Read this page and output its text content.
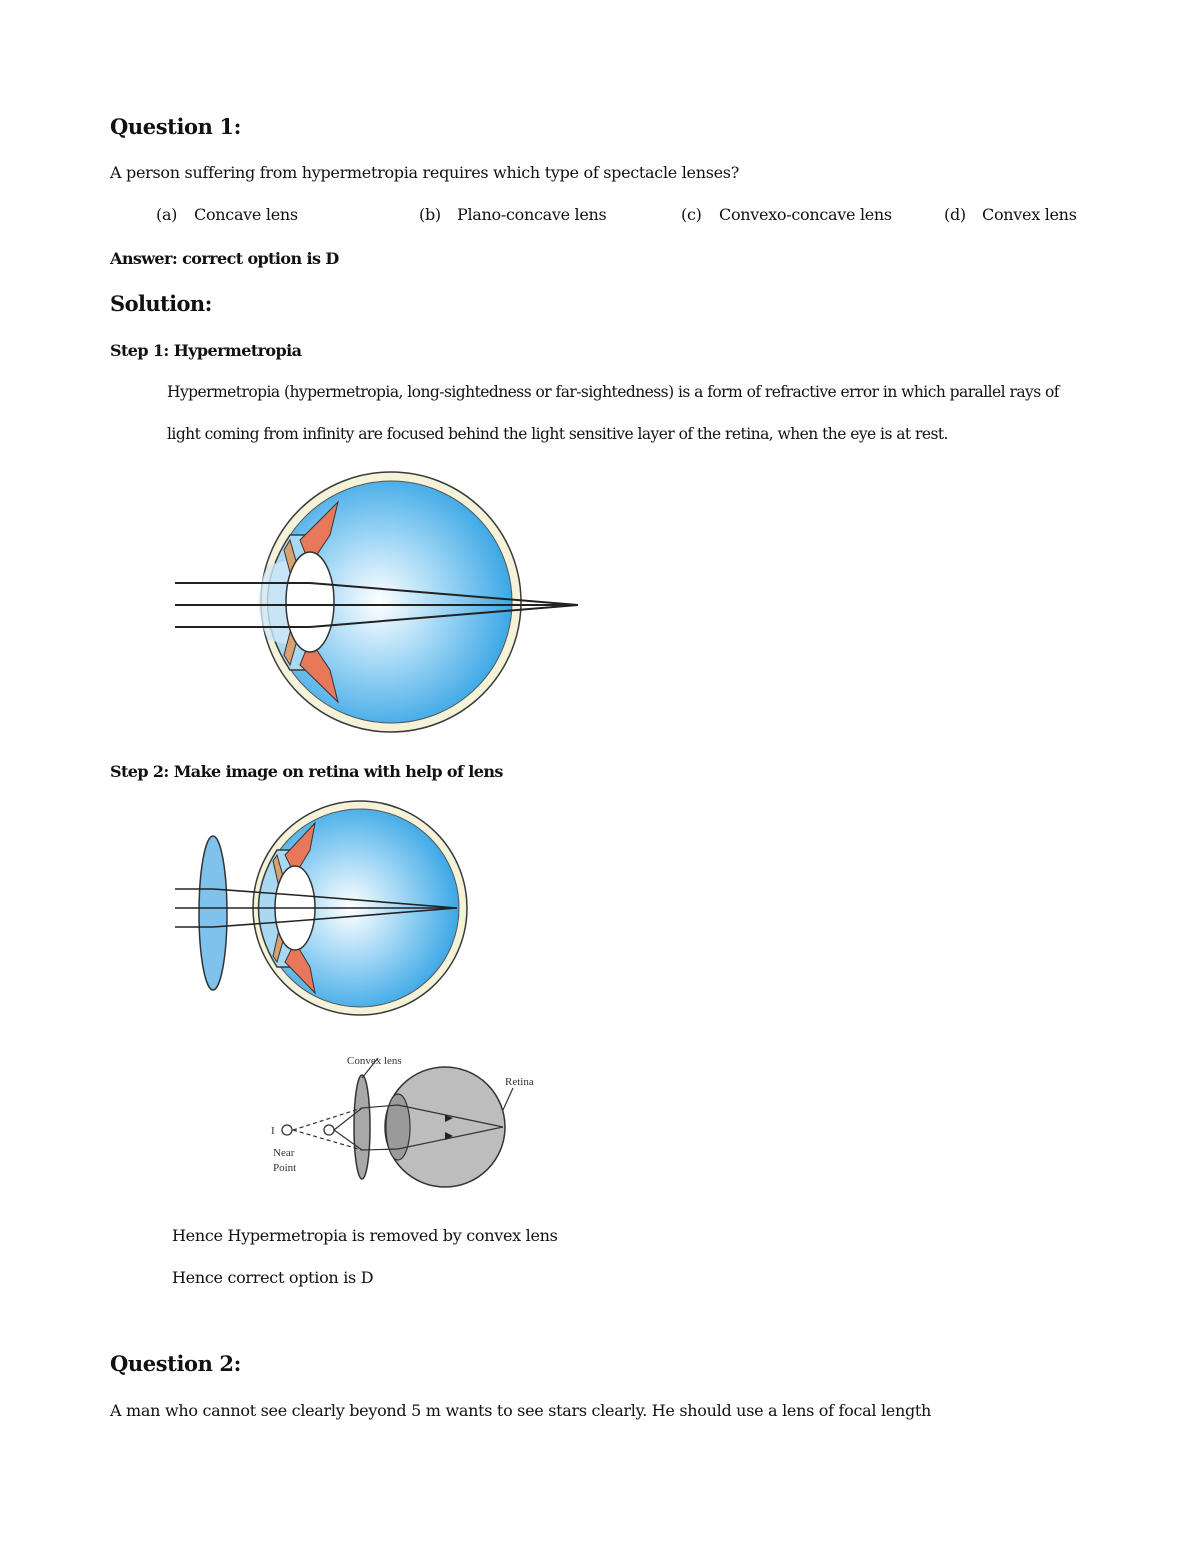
Question 1:
A person suffering from hypermetropia requires which type of spectacle lenses?
(a) Concave lens	(b) Plano-concave lens	(c) Convexo-concave lens	(d) Convex lens
Answer: correct option is D
Solution:
Step 1: Hypermetropia
Hypermetropia (hypermetropia, long-sightedness or far-sightedness) is a form of refractive error in which parallel rays of
light coming from infinity are focused behind the light sensitive layer of the retina, when the eye is at rest.
Step 2: Make image on retina with help of lens
Convex lens
Retina
I
Near
Point
Hence Hypermetropia is removed by convex lens
Hence correct option is D
Question 2:
A man who cannot see clearly beyond 5 m wants to see stars clearly. He should use a lens of focal length
